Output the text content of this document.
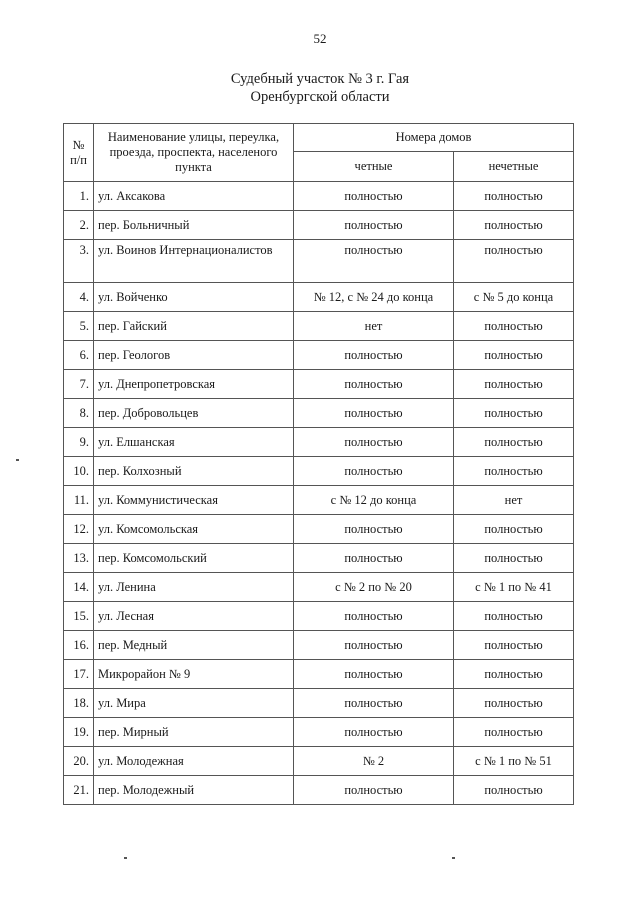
52
Судебный участок № 3 г. Гая
Оренбургской области
№ п/п	Наименование улицы, переулка, проезда, проспекта, населеного пункта	Номера домов	
		четные	нечетные
1.	ул. Аксакова	полностью	полностью
2.	пер. Больничный	полностью	полностью
3.	ул. Воинов Интернационалистов	полностью	полностью
4.	ул. Войченко	№ 12, с № 24 до конца	с № 5 до конца
5.	пер. Гайский	нет	полностью
6.	пер. Геологов	полностью	полностью
7.	ул. Днепропетровская	полностью	полностью
8.	пер. Добровольцев	полностью	полностью
9.	ул. Елшанская	полностью	полностью
10.	пер. Колхозный	полностью	полностью
11.	ул. Коммунистическая	с № 12 до конца	нет
12.	ул. Комсомольская	полностью	полностью
13.	пер. Комсомольский	полностью	полностью
14.	ул. Ленина	с № 2 по № 20	с № 1 по № 41
15.	ул. Лесная	полностью	полностью
16.	пер. Медный	полностью	полностью
17.	Микрорайон № 9	полностью	полностью
18.	ул. Мира	полностью	полностью
19.	пер. Мирный	полностью	полностью
20.	ул. Молодежная	№ 2	с № 1 по № 51
21.	пер. Молодежный	полностью	полностью
